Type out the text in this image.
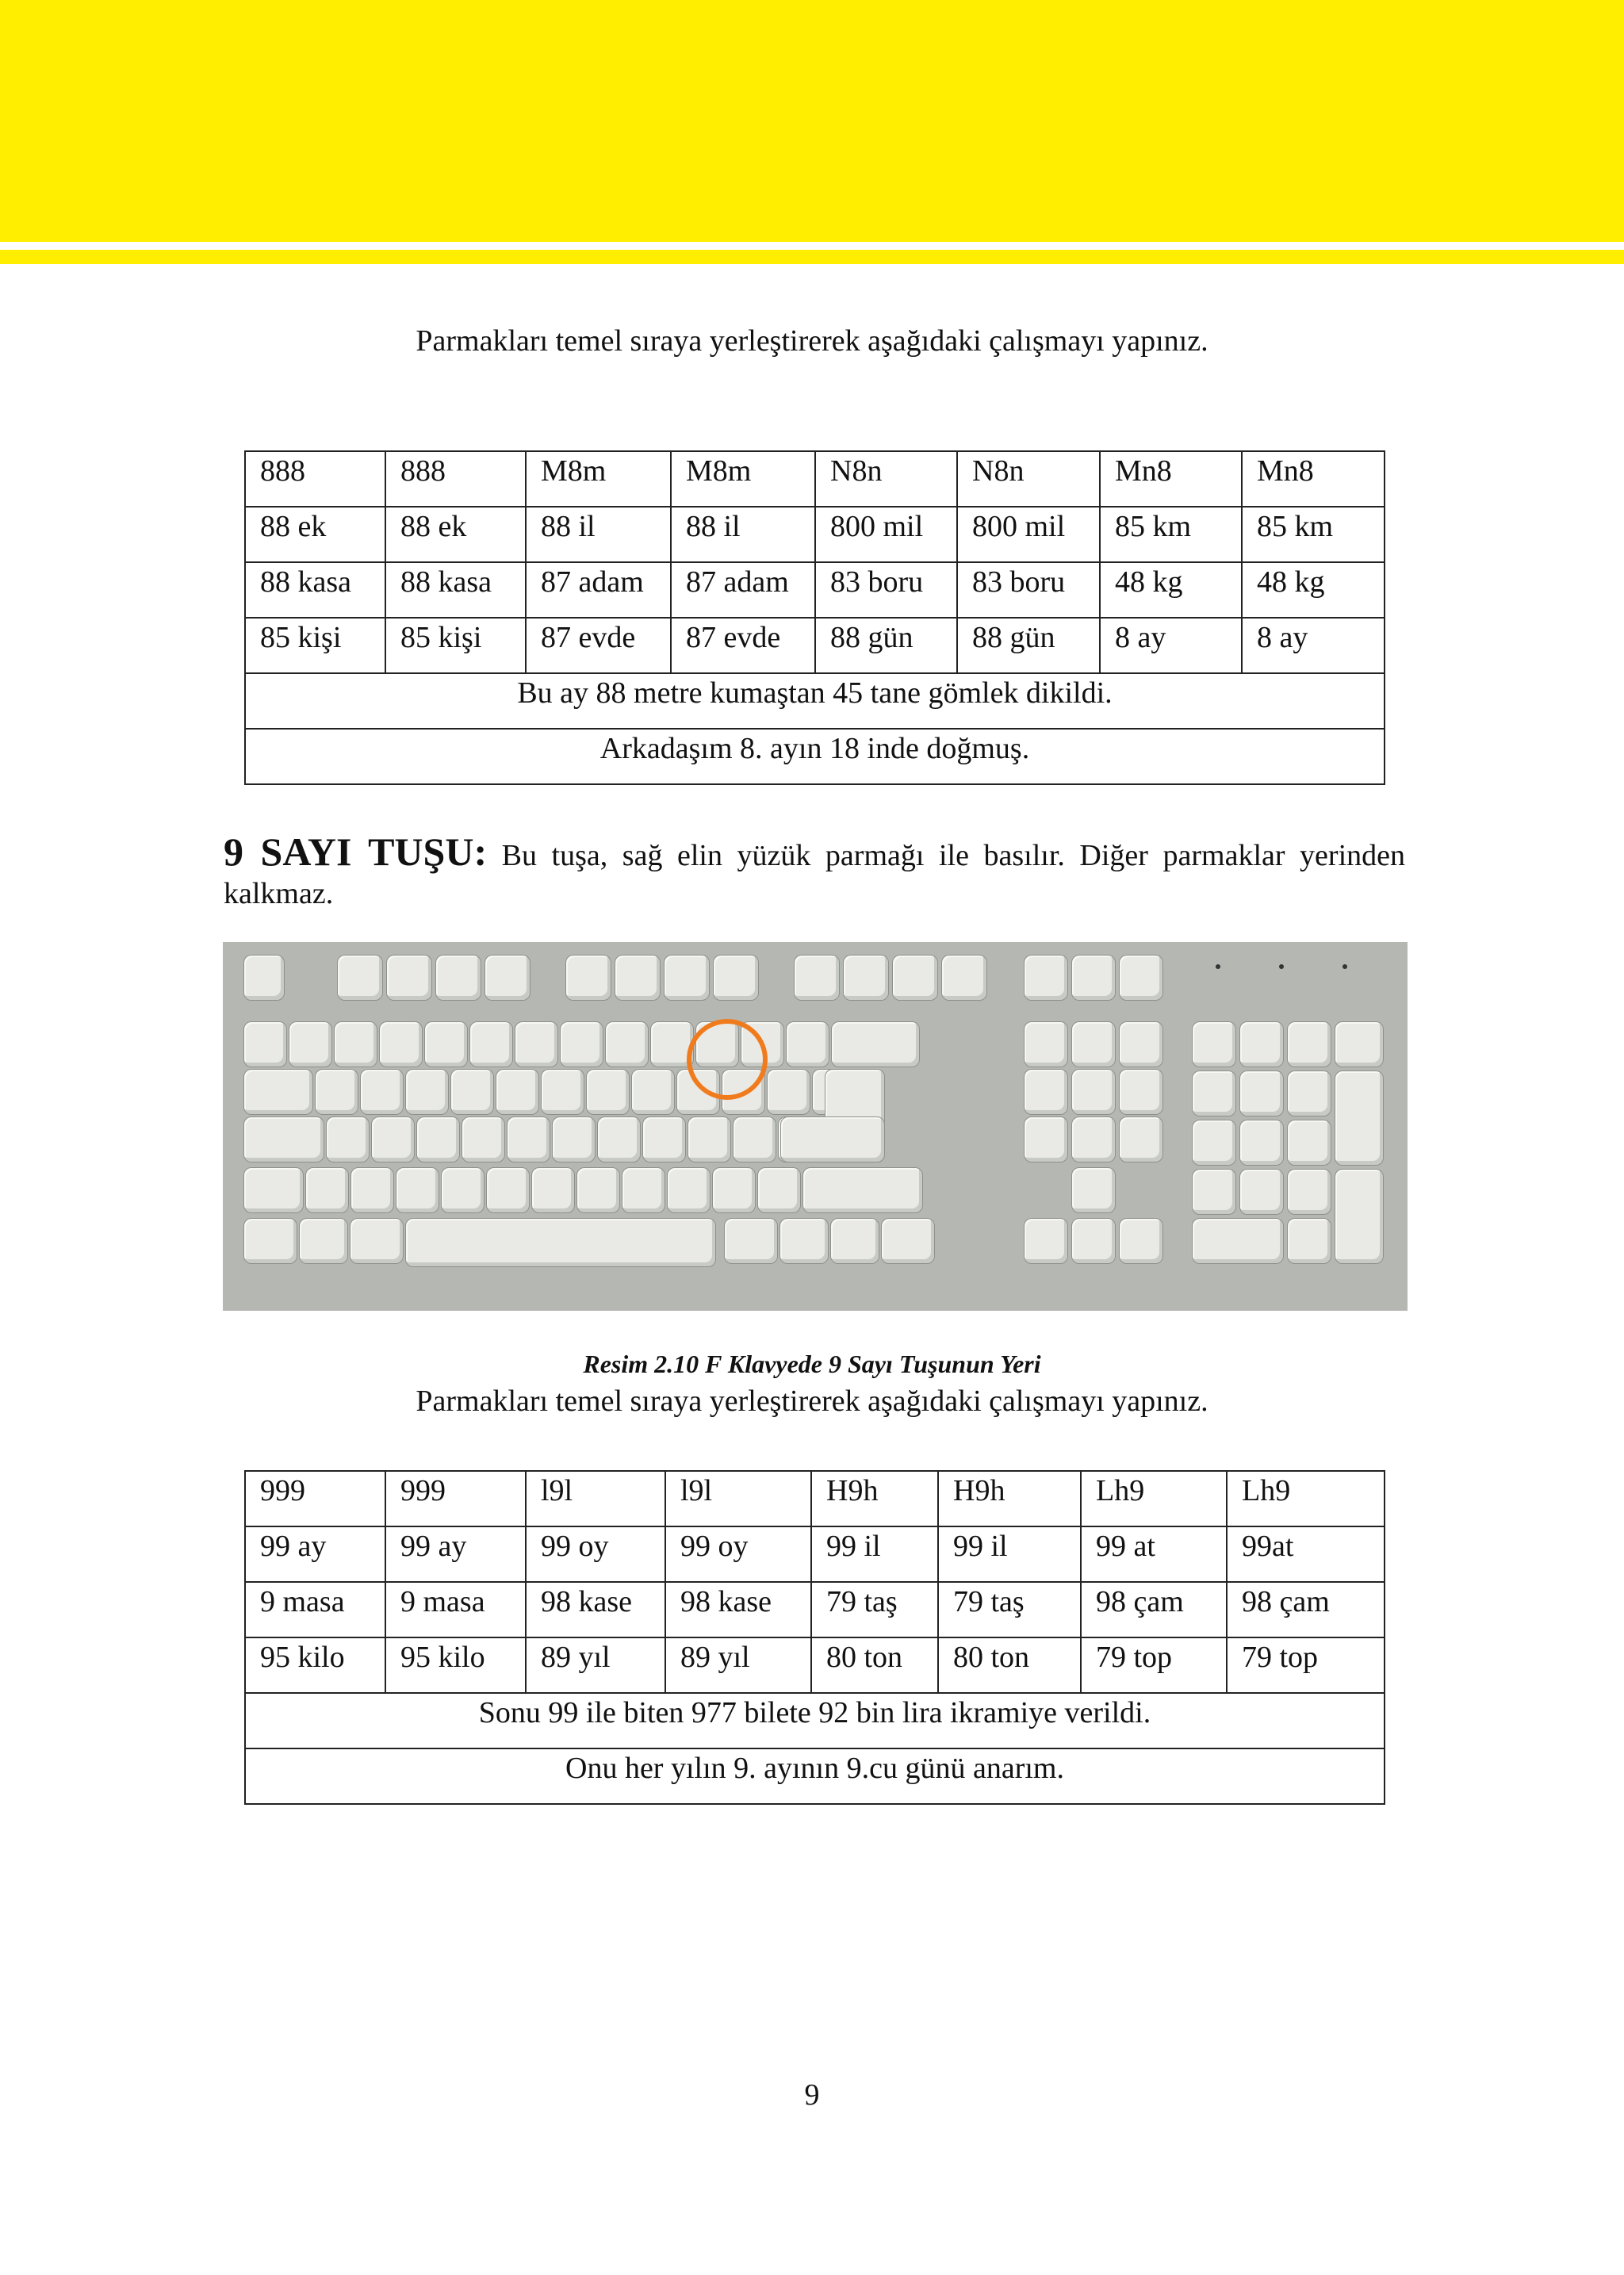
Parmakları temel sıraya yerleştirerek aşağıdaki çalışmayı yapınız.
888	888	M8m	M8m	N8n	N8n	Mn8	Mn8
88 ek	88 ek	88 il	88 il	800 mil	800 mil	85 km	85 km
88 kasa	88 kasa	87 adam	87 adam	83 boru	83 boru	48 kg	48 kg
85 kişi	85 kişi	87 evde	87 evde	88 gün	88 gün	8 ay	8 ay
Bu ay 88 metre kumaştan 45 tane gömlek dikildi.							
Arkadaşım 8. ayın 18 inde doğmuş.							
9 SAYI TUŞU: Bu tuşa, sağ elin yüzük parmağı ile basılır. Diğer parmaklar yerinden kalkmaz.
Resim 2.10 F Klavyede 9 Sayı Tuşunun Yeri
Parmakları temel sıraya yerleştirerek aşağıdaki çalışmayı yapınız.
999	999	l9l	l9l	H9h	H9h	Lh9	Lh9
99 ay	99 ay	99 oy	99 oy	99 il	99 il	99 at	99at
9 masa	9 masa	98 kase	98 kase	79 taş	79 taş	98 çam	98 çam
95 kilo	95 kilo	89 yıl	89 yıl	80 ton	80 ton	79 top	79 top
Sonu 99 ile biten 977 bilete 92 bin lira ikramiye verildi.							
Onu her yılın 9. ayının 9.cu günü anarım.							
9
